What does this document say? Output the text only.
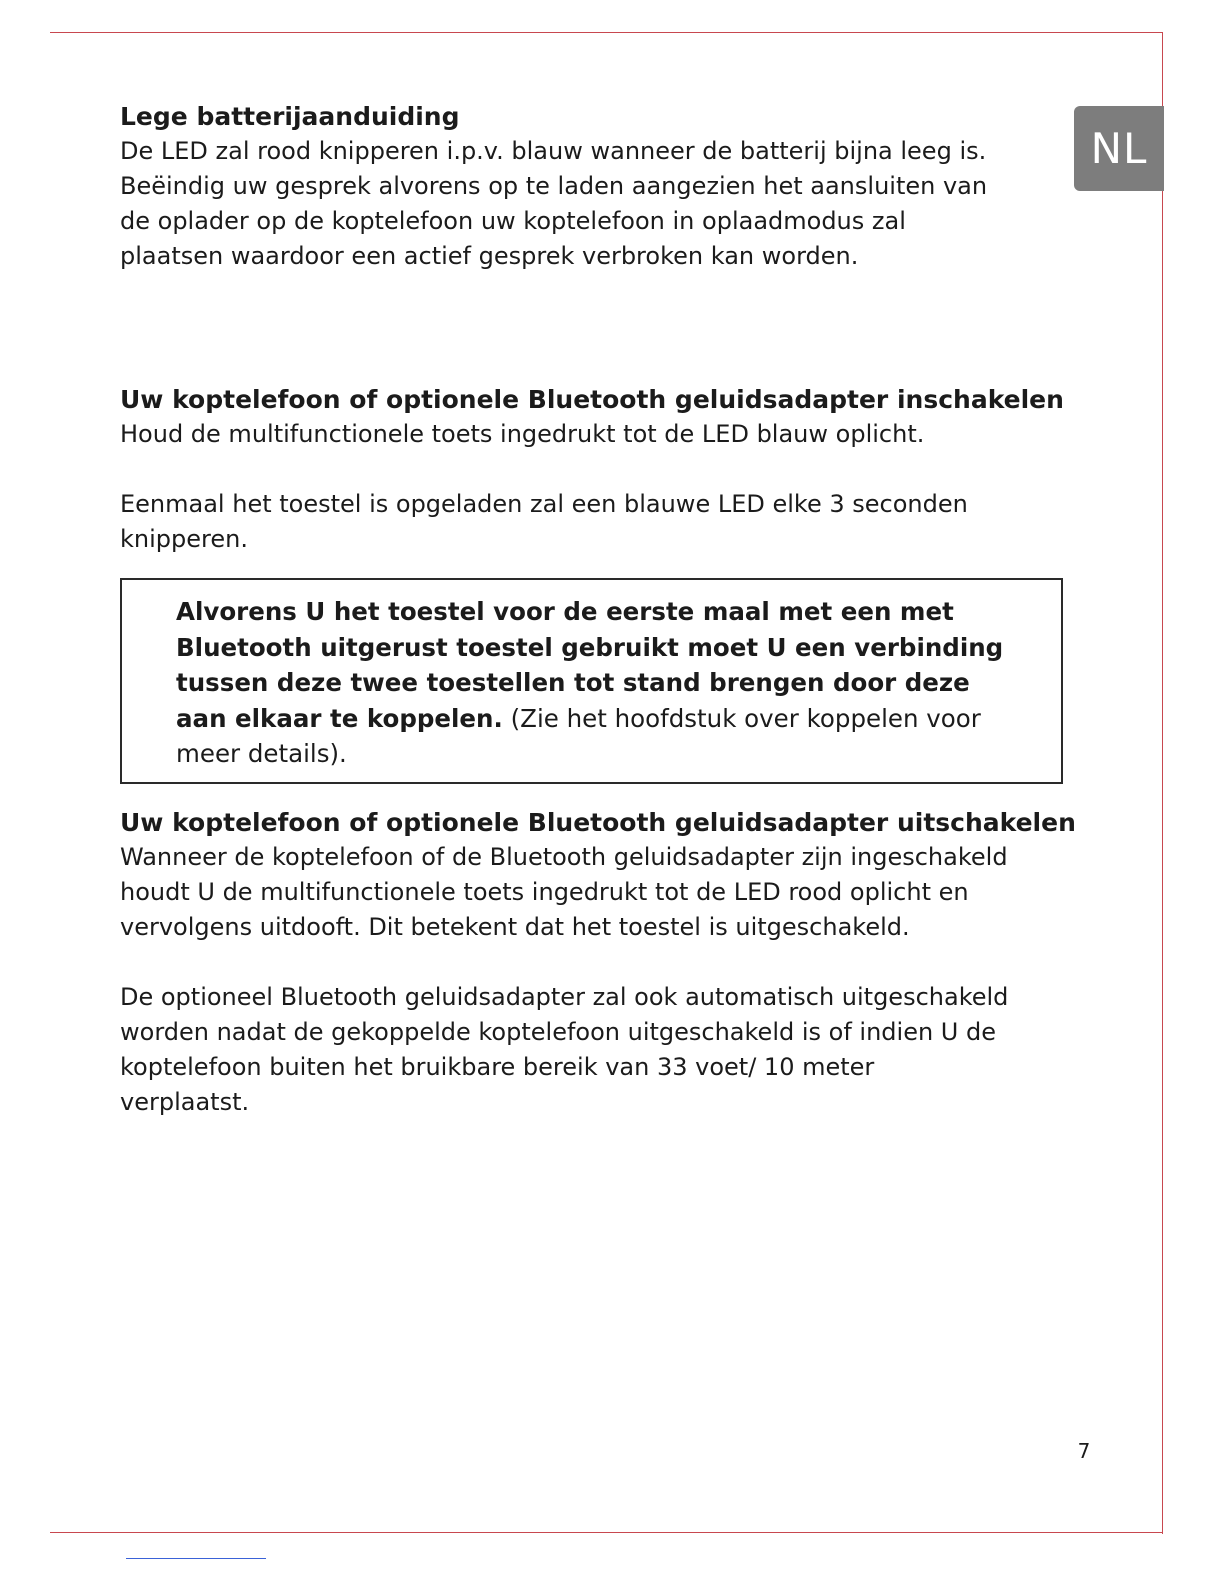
NL
Lege batterijaanduiding

De LED zal rood knipperen i.p.v. blauw wanneer de batterij bijna leeg is. Beëindig uw gesprek alvorens op te laden aangezien het aansluiten van de oplader op de koptelefoon uw koptelefoon in oplaadmodus zal plaatsen waardoor een actief gesprek verbroken kan worden.

Uw koptelefoon of optionele Bluetooth geluidsadapter inschakelen

Houd de multifunctionele toets ingedrukt tot de LED blauw oplicht.

Eenmaal het toestel is opgeladen zal een blauwe LED elke 3 seconden knipperen.

Alvorens U het toestel voor de eerste maal met een met Bluetooth uitgerust toestel gebruikt moet U een verbinding tussen deze twee toestellen tot stand brengen door deze aan elkaar te koppelen. (Zie het hoofdstuk over koppelen voor meer details).

Uw koptelefoon of optionele Bluetooth geluidsadapter uitschakelen

Wanneer de koptelefoon of de Bluetooth geluidsadapter zijn ingeschakeld houdt U de multifunctionele toets ingedrukt tot de LED rood oplicht en vervolgens uitdooft. Dit betekent dat het toestel is uitgeschakeld.

De optioneel Bluetooth geluidsadapter zal ook automatisch uitgeschakeld worden nadat de gekoppelde koptelefoon uitgeschakeld is of indien U de koptelefoon buiten het bruikbare bereik van 33 voet/ 10 meter verplaatst.

7
